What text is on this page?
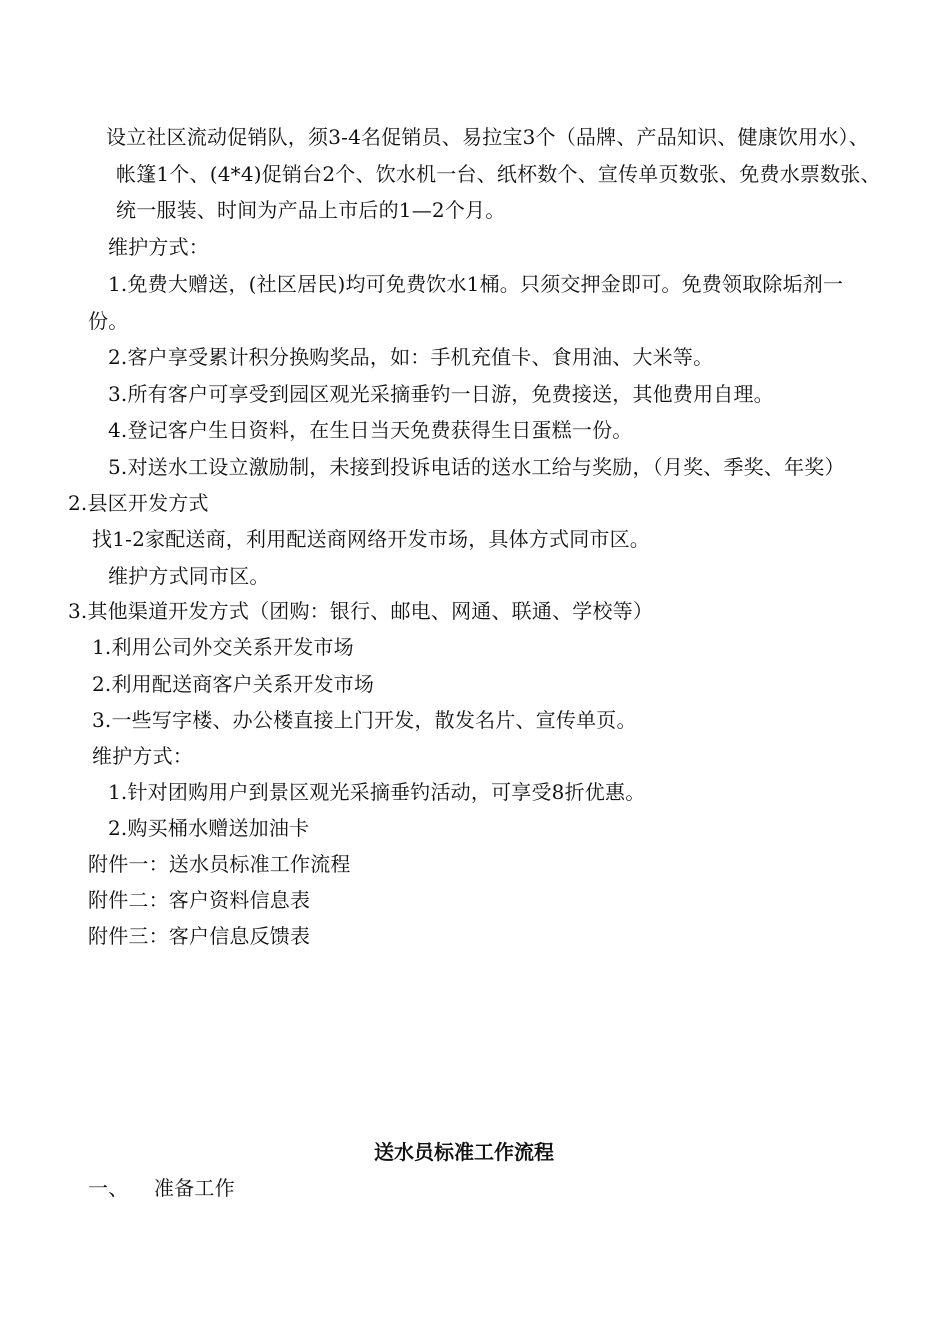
设立社区流动促销队，须3-4名促销员、易拉宝3个（品牌、产品知识、健康饮用水）、
帐篷1个、(4*4)促销台2个、饮水机一台、纸杯数个、宣传单页数张、免费水票数张、
统一服装、时间为产品上市后的1—2个月。
维护方式：
1.免费大赠送，(社区居民)均可免费饮水1桶。只须交押金即可。免费领取除垢剂一
份。
2.客户享受累计积分换购奖品，如：手机充值卡、食用油、大米等。
3.所有客户可享受到园区观光采摘垂钓一日游，免费接送，其他费用自理。
4.登记客户生日资料，在生日当天免费获得生日蛋糕一份。
5.对送水工设立激励制，未接到投诉电话的送水工给与奖励，（月奖、季奖、年奖）
2.县区开发方式
找1-2家配送商，利用配送商网络开发市场，具体方式同市区。
维护方式同市区。
3.其他渠道开发方式（团购：银行、邮电、网通、联通、学校等）
1.利用公司外交关系开发市场
2.利用配送商客户关系开发市场
3.一些写字楼、办公楼直接上门开发，散发名片、宣传单页。
维护方式：
1.针对团购用户到景区观光采摘垂钓活动，可享受8折优惠。
2.购买桶水赠送加油卡
附件一：送水员标准工作流程
附件二：客户资料信息表
附件三：客户信息反馈表
送水员标准工作流程
一、 准备工作
